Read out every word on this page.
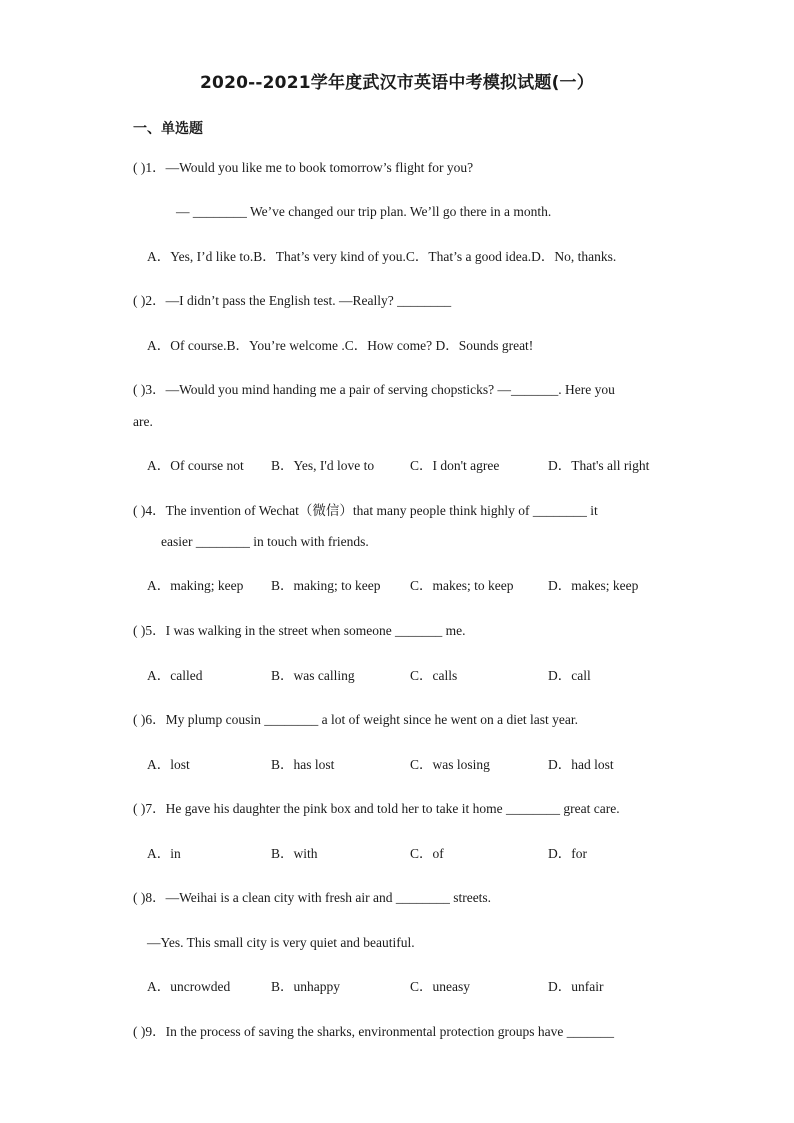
2020--2021学年度武汉市英语中考模拟试题(一）
一、单选题
( )1．—Would you like me to book tomorrow’s flight for you?
— ________ We’ve changed our trip plan. We’ll go there in a month.
A．Yes, I’d like to.B．That’s very kind of you.C．That’s a good idea.D．No, thanks.
( )2．—I didn’t pass the English test. —Really? ________
A．Of course.B．You’re welcome .C．How come? D．Sounds great!
( )3．—Would you mind handing me a pair of serving chopsticks? —_______. Here you
are.
A．Of course not B．Yes, I'd love to	C．I don't agree	D．That's all right
( )4．The invention of Wechat（微信）that many people think highly of ________ it
easier ________ in touch with friends.
A．making; keep B．making; to keep C．makes; to keep	D．makes; keep
( )5．I was walking in the street when someone _______ me.
A．called	B．was calling	C．calls	D．call
( )6．My plump cousin ________ a lot of weight since he went on a diet last year.
A．lost	B．has lost	C．was losing	D．had lost
( )7．He gave his daughter the pink box and told her to take it home ________ great care.
A．in	B．with	C．of	D．for
( )8．—Weihai is a clean city with fresh air and ________ streets.
—Yes. This small city is very quiet and beautiful.
A．uncrowded	B．unhappy	C．uneasy	D．unfair
( )9．In the process of saving the sharks, environmental protection groups have _______
